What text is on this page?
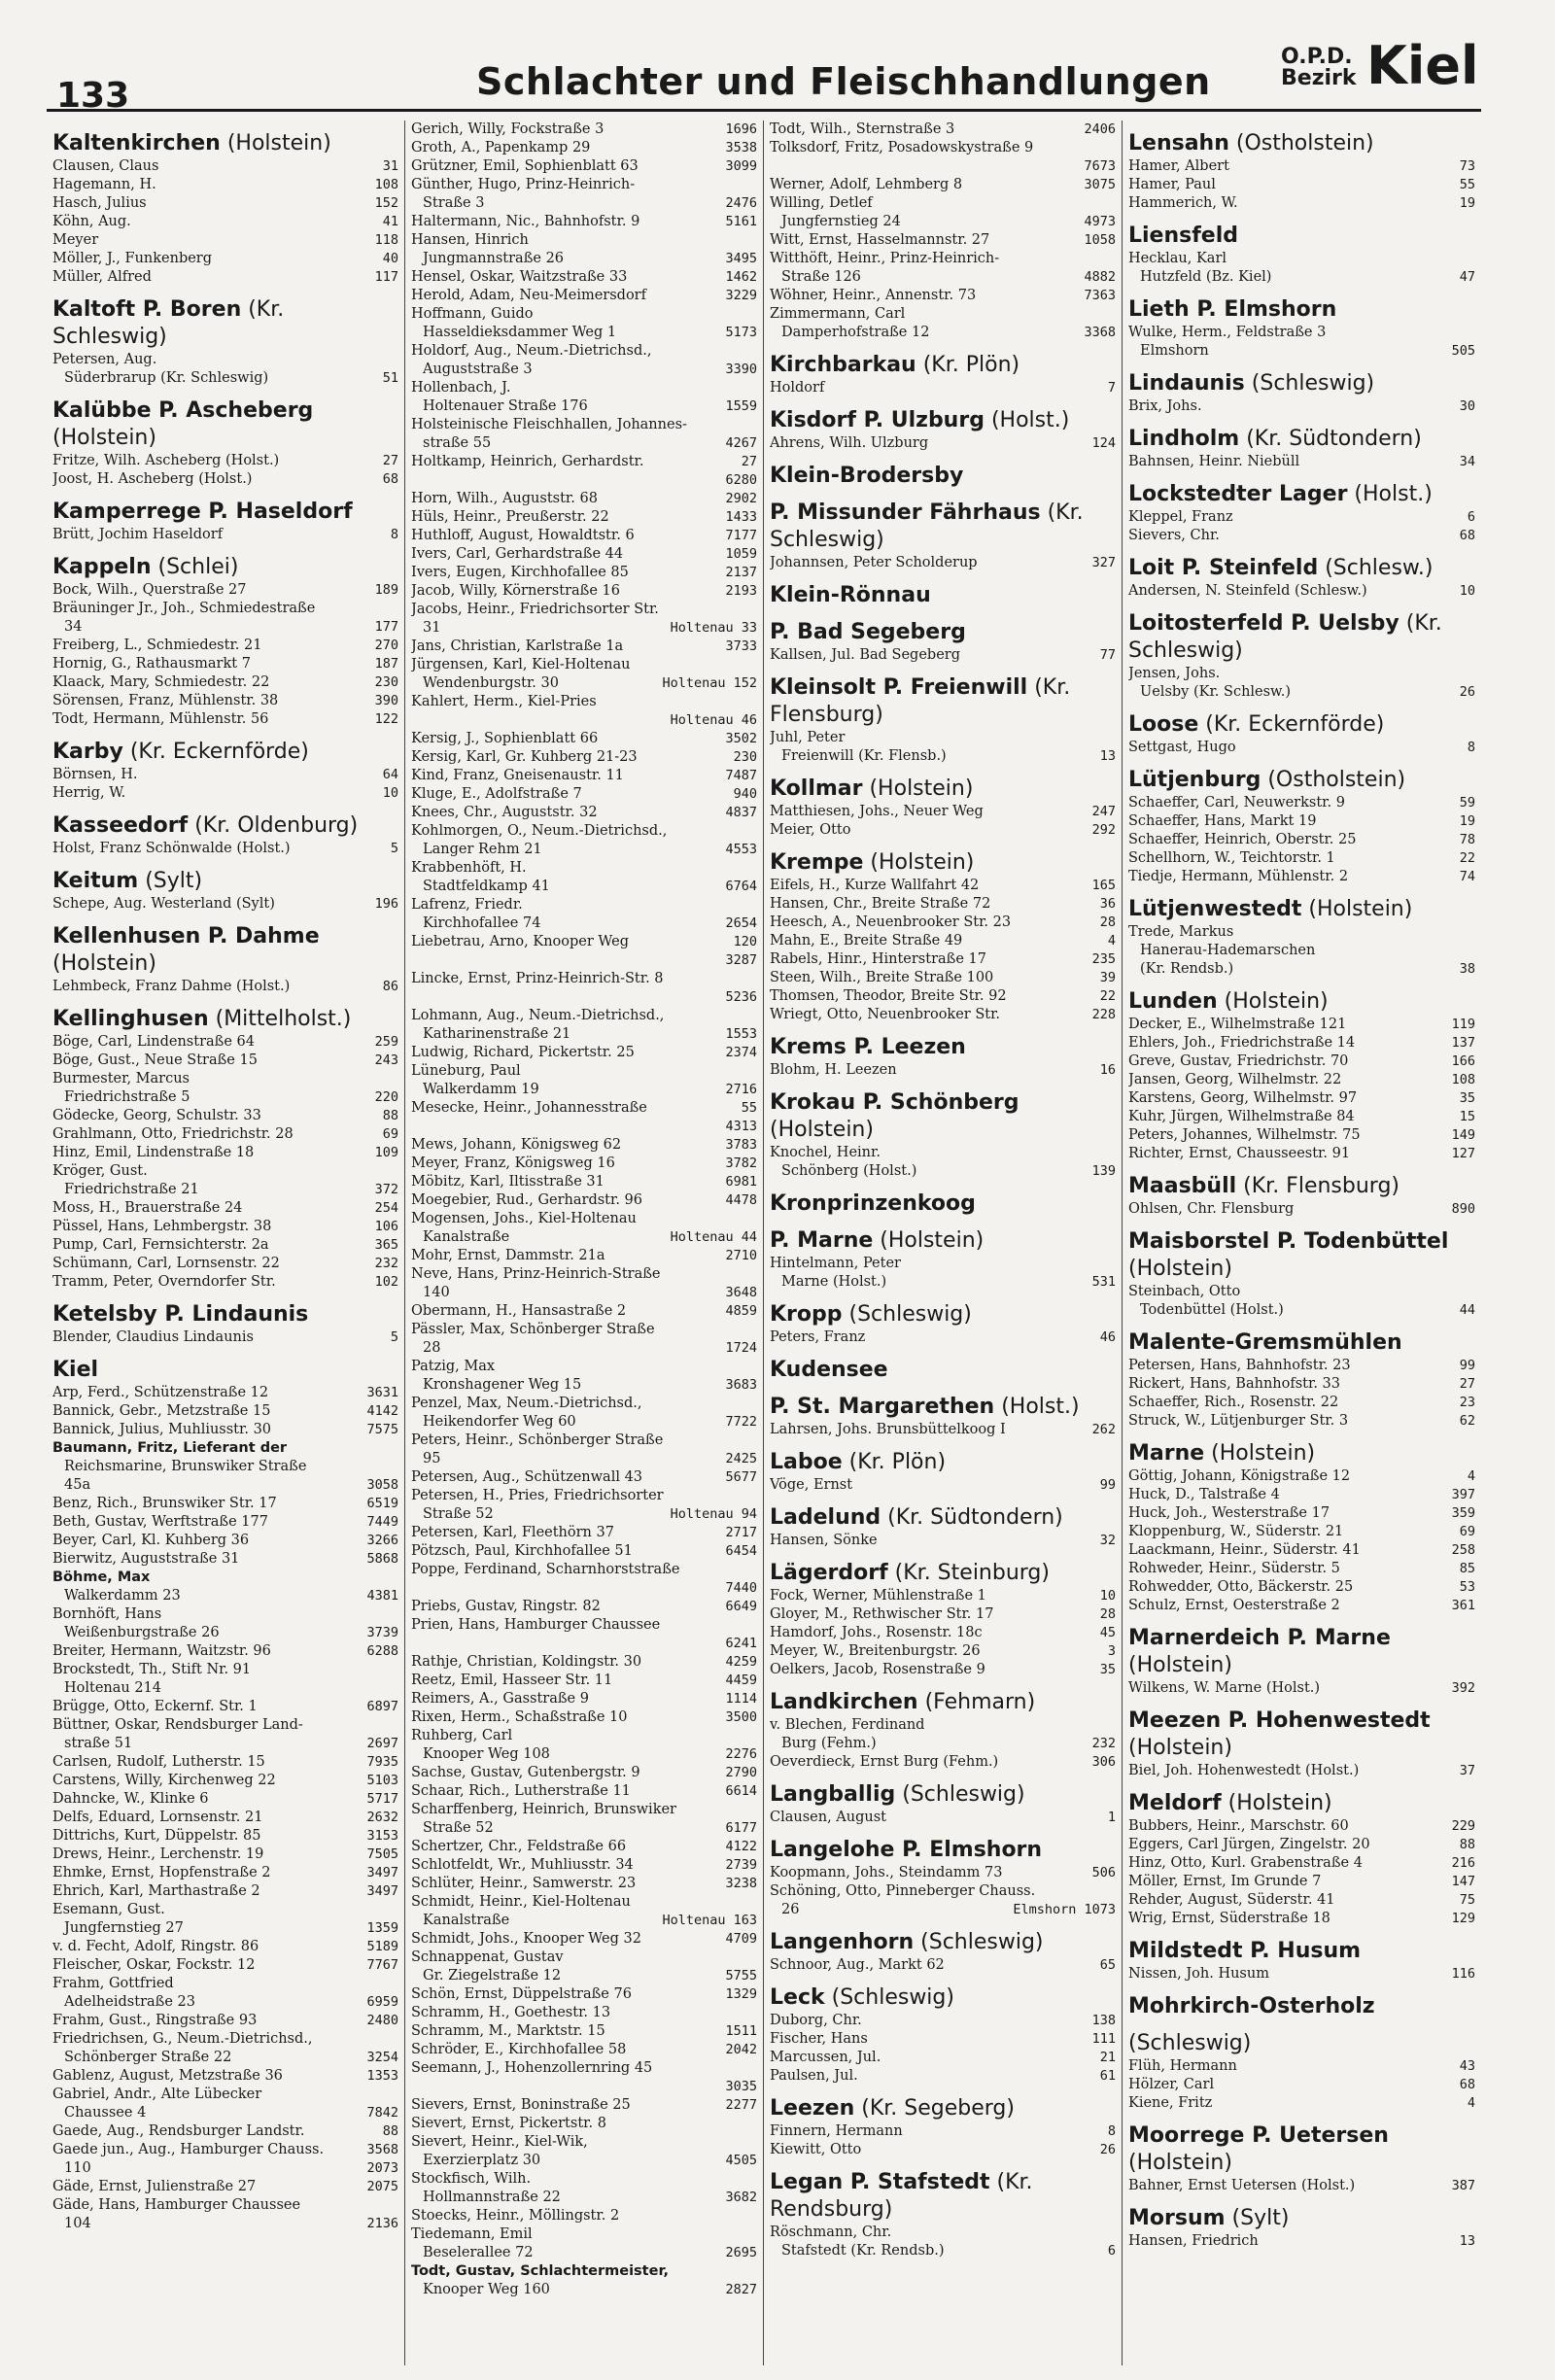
133	Schlachter und Fleischhandlungen
O.P.D.
Bezirk Kiel
Kaltenkirchen (Holstein)
Clausen, Claus	31
Hagemann, H.	108
Hasch, Julius	152
Köhn, Aug.	41
Meyer	118
Möller, J., Funkenberg	40
Müller, Alfred	117
Kaltoft P. Boren (Kr. Schleswig)
Petersen, Aug.
Süderbrarup (Kr. Schleswig)	51
Kalübbe P. Ascheberg (Holstein)
Fritze, Wilh. Ascheberg (Holst.)	27
Joost, H. Ascheberg (Holst.)	68
Kamperrege P. Haseldorf
Brütt, Jochim Haseldorf	8
Kappeln (Schlei)
Bock, Wilh., Querstraße 27	189
Bräuninger Jr., Joh., Schmiedestraße
34	177
Freiberg, L., Schmiedestr. 21	270
Hornig, G., Rathausmarkt 7	187
Klaack, Mary, Schmiedestr. 22	230
Sörensen, Franz, Mühlenstr. 38	390
Todt, Hermann, Mühlenstr. 56	122
Karby (Kr. Eckernförde)
Börnsen, H.	64
Herrig, W.	10
Kasseedorf (Kr. Oldenburg)
Holst, Franz Schönwalde (Holst.)	5
Keitum (Sylt)
Schepe, Aug. Westerland (Sylt)	196
Kellenhusen P. Dahme (Holstein)
Lehmbeck, Franz Dahme (Holst.)	86
Kellinghusen (Mittelholst.)
Böge, Carl, Lindenstraße 64	259
Böge, Gust., Neue Straße 15	243
Burmester, Marcus
Friedrichstraße 5	220
Gödecke, Georg, Schulstr. 33	88
Grahlmann, Otto, Friedrichstr. 28	69
Hinz, Emil, Lindenstraße 18	109
Kröger, Gust.
Friedrichstraße 21	372
Moss, H., Brauerstraße 24	254
Püssel, Hans, Lehmbergstr. 38	106
Pump, Carl, Fernsichterstr. 2a	365
Schümann, Carl, Lornsenstr. 22	232
Tramm, Peter, Overndorfer Str.	102
Ketelsby P. Lindaunis
Blender, Claudius Lindaunis	5
Kiel
Arp, Ferd., Schützenstraße 12	3631
Bannick, Gebr., Metzstraße 15	4142
Bannick, Julius, Muhliusstr. 30	7575
Baumann, Fritz, Lieferant der
Reichsmarine, Brunswiker Straße
45a	3058
Benz, Rich., Brunswiker Str. 17	6519
Beth, Gustav, Werftstraße 177	7449
Beyer, Carl, Kl. Kuhberg 36	3266
Bierwitz, Auguststraße 31	5868
Böhme, Max
Walkerdamm 23	4381
Bornhöft, Hans
Weißenburgstraße 26	3739
Breiter, Hermann, Waitzstr. 96	6288
Brockstedt, Th., Stift Nr. 91
Holtenau 214
Brügge, Otto, Eckernf. Str. 1	6897
Büttner, Oskar, Rendsburger Land-
straße 51	2697
Carlsen, Rudolf, Lutherstr. 15	7935
Carstens, Willy, Kirchenweg 22	5103
Dahncke, W., Klinke 6	5717
Delfs, Eduard, Lornsenstr. 21	2632
Dittrichs, Kurt, Düppelstr. 85	3153
Drews, Heinr., Lerchenstr. 19	7505
Ehmke, Ernst, Hopfenstraße 2	3497
Ehrich, Karl, Marthastraße 2	3497
Esemann, Gust.
Jungfernstieg 27	1359
v. d. Fecht, Adolf, Ringstr. 86	5189
Fleischer, Oskar, Fockstr. 12	7767
Frahm, Gottfried
Adelheidstraße 23	6959
Frahm, Gust., Ringstraße 93	2480
Friedrichsen, G., Neum.-Dietrichsd.,
Schönberger Straße 22	3254
Gablenz, August, Metzstraße 36	1353
Gabriel, Andr., Alte Lübecker
Chaussee 4	7842
Gaede, Aug., Rendsburger Landstr.	88
Gaede jun., Aug., Hamburger Chauss.	3568
110	2073
Gäde, Ernst, Julienstraße 27	2075
Gäde, Hans, Hamburger Chaussee
104	2136
Gerich, Willy, Fockstraße 3	1696
Groth, A., Papenkamp 29	3538
Grützner, Emil, Sophienblatt 63	3099
Günther, Hugo, Prinz-Heinrich-
Straße 3	2476
Haltermann, Nic., Bahnhofstr. 9	5161
Hansen, Hinrich
Jungmannstraße 26	3495
Hensel, Oskar, Waitzstraße 33	1462
Herold, Adam, Neu-Meimersdorf	3229
Hoffmann, Guido
Hasseldieksdammer Weg 1	5173
Holdorf, Aug., Neum.-Dietrichsd.,
Auguststraße 3	3390
Hollenbach, J.
Holtenauer Straße 176	1559
Holsteinische Fleischhallen, Johannes-
straße 55	4267
Holtkamp, Heinrich, Gerhardstr.	27
6280
Horn, Wilh., Auguststr. 68	2902
Hüls, Heinr., Preußerstr. 22	1433
Huthloff, August, Howaldtstr. 6	7177
Ivers, Carl, Gerhardstraße 44	1059
Ivers, Eugen, Kirchhofallee 85	2137
Jacob, Willy, Körnerstraße 16	2193
Jacobs, Heinr., Friedrichsorter Str.
31	Holtenau 33
Jans, Christian, Karlstraße 1a	3733
Jürgensen, Karl, Kiel-Holtenau
Wendenburgstr. 30	Holtenau 152
Kahlert, Herm., Kiel-Pries
Holtenau 46
Kersig, J., Sophienblatt 66	3502
Kersig, Karl, Gr. Kuhberg 21-23	230
Kind, Franz, Gneisenaustr. 11	7487
Kluge, E., Adolfstraße 7	940
Knees, Chr., Auguststr. 32	4837
Kohlmorgen, O., Neum.-Dietrichsd.,
Langer Rehm 21	4553
Krabbenhöft, H.
Stadtfeldkamp 41	6764
Lafrenz, Friedr.
Kirchhofallee 74	2654
Liebetrau, Arno, Knooper Weg	120
3287
Lincke, Ernst, Prinz-Heinrich-Str. 8
5236
Lohmann, Aug., Neum.-Dietrichsd.,
Katharinenstraße 21	1553
Ludwig, Richard, Pickertstr. 25	2374
Lüneburg, Paul
Walkerdamm 19	2716
Mesecke, Heinr., Johannesstraße	55
4313
Mews, Johann, Königsweg 62	3783
Meyer, Franz, Königsweg 16	3782
Möbitz, Karl, Iltisstraße 31	6981
Moegebier, Rud., Gerhardstr. 96	4478
Mogensen, Johs., Kiel-Holtenau
Kanalstraße	Holtenau 44
Mohr, Ernst, Dammstr. 21a	2710
Neve, Hans, Prinz-Heinrich-Straße
140	3648
Obermann, H., Hansastraße 2	4859
Pässler, Max, Schönberger Straße
28	1724
Patzig, Max
Kronshagener Weg 15	3683
Penzel, Max, Neum.-Dietrichsd.,
Heikendorfer Weg 60	7722
Peters, Heinr., Schönberger Straße
95	2425
Petersen, Aug., Schützenwall 43	5677
Petersen, H., Pries, Friedrichsorter
Straße 52	Holtenau 94
Petersen, Karl, Fleethörn 37	2717
Pötzsch, Paul, Kirchhofallee 51	6454
Poppe, Ferdinand, Scharnhorststraße
7440
Priebs, Gustav, Ringstr. 82	6649
Prien, Hans, Hamburger Chaussee
6241
Rathje, Christian, Koldingstr. 30	4259
Reetz, Emil, Hasseer Str. 11	4459
Reimers, A., Gasstraße 9	1114
Rixen, Herm., Schaßstraße 10	3500
Ruhberg, Carl
Knooper Weg 108	2276
Sachse, Gustav, Gutenbergstr. 9	2790
Schaar, Rich., Lutherstraße 11	6614
Scharffenberg, Heinrich, Brunswiker
Straße 52	6177
Schertzer, Chr., Feldstraße 66	4122
Schlotfeldt, Wr., Muhliusstr. 34	2739
Schlüter, Heinr., Samwerstr. 23	3238
Schmidt, Heinr., Kiel-Holtenau
Kanalstraße	Holtenau 163
Schmidt, Johs., Knooper Weg 32	4709
Schnappenat, Gustav
Gr. Ziegelstraße 12	5755
Schön, Ernst, Düppelstraße 76	1329
Schramm, H., Goethestr. 13
Schramm, M., Marktstr. 15	1511
Schröder, E., Kirchhofallee 58	2042
Seemann, J., Hohenzollernring 45
3035
Sievers, Ernst, Boninstraße 25	2277
Sievert, Ernst, Pickertstr. 8
Sievert, Heinr., Kiel-Wik,
Exerzierplatz 30	4505
Stockfisch, Wilh.
Hollmannstraße 22	3682
Stoecks, Heinr., Möllingstr. 2
Tiedemann, Emil
Beselerallee 72	2695
Todt, Gustav, Schlachtermeister,
Knooper Weg 160	2827
Todt, Wilh., Sternstraße 3	2406
Tolksdorf, Fritz, Posadowskystraße 9
7673
Werner, Adolf, Lehmberg 8	3075
Willing, Detlef
Jungfernstieg 24	4973
Witt, Ernst, Hasselmannstr. 27	1058
Witthöft, Heinr., Prinz-Heinrich-
Straße 126	4882
Wöhner, Heinr., Annenstr. 73	7363
Zimmermann, Carl
Damperhofstraße 12	3368
Kirchbarkau (Kr. Plön)
Holdorf	7
Kisdorf P. Ulzburg (Holst.)
Ahrens, Wilh. Ulzburg	124
Klein-Brodersby
P. Missunder Fährhaus (Kr. Schleswig)
Johannsen, Peter Scholderup	327
Klein-Rönnau
P. Bad Segeberg
Kallsen, Jul. Bad Segeberg	77
Kleinsolt P. Freienwill (Kr. Flensburg)
Juhl, Peter
Freienwill (Kr. Flensb.)	13
Kollmar (Holstein)
Matthiesen, Johs., Neuer Weg	247
Meier, Otto	292
Krempe (Holstein)
Eifels, H., Kurze Wallfahrt 42	165
Hansen, Chr., Breite Straße 72	36
Heesch, A., Neuenbrooker Str. 23	28
Mahn, E., Breite Straße 49	4
Rabels, Hinr., Hinterstraße 17	235
Steen, Wilh., Breite Straße 100	39
Thomsen, Theodor, Breite Str. 92	22
Wriegt, Otto, Neuenbrooker Str.	228
Krems P. Leezen
Blohm, H. Leezen	16
Krokau P. Schönberg (Holstein)
Knochel, Heinr.
Schönberg (Holst.)	139
Kronprinzenkoog
P. Marne (Holstein)
Hintelmann, Peter
Marne (Holst.)	531
Kropp (Schleswig)
Peters, Franz	46
Kudensee
P. St. Margarethen (Holst.)
Lahrsen, Johs. Brunsbüttelkoog I	262
Laboe (Kr. Plön)
Vöge, Ernst	99
Ladelund (Kr. Südtondern)
Hansen, Sönke	32
Lägerdorf (Kr. Steinburg)
Fock, Werner, Mühlenstraße 1	10
Gloyer, M., Rethwischer Str. 17	28
Hamdorf, Johs., Rosenstr. 18c	45
Meyer, W., Breitenburgstr. 26	3
Oelkers, Jacob, Rosenstraße 9	35
Landkirchen (Fehmarn)
v. Blechen, Ferdinand
Burg (Fehm.)	232
Oeverdieck, Ernst Burg (Fehm.)	306
Langballig (Schleswig)
Clausen, August	1
Langelohe P. Elmshorn
Koopmann, Johs., Steindamm 73	506
Schöning, Otto, Pinneberger Chauss.
26	Elmshorn 1073
Langenhorn (Schleswig)
Schnoor, Aug., Markt 62	65
Leck (Schleswig)
Duborg, Chr.	138
Fischer, Hans	111
Marcussen, Jul.	21
Paulsen, Jul.	61
Leezen (Kr. Segeberg)
Finnern, Hermann	8
Kiewitt, Otto	26
Legan P. Stafstedt (Kr. Rendsburg)
Röschmann, Chr.
Stafstedt (Kr. Rendsb.)	6
Lensahn (Ostholstein)
Hamer, Albert	73
Hamer, Paul	55
Hammerich, W.	19
Liensfeld
Hecklau, Karl
Hutzfeld (Bz. Kiel)	47
Lieth P. Elmshorn
Wulke, Herm., Feldstraße 3
Elmshorn	505
Lindaunis (Schleswig)
Brix, Johs.	30
Lindholm (Kr. Südtondern)
Bahnsen, Heinr. Niebüll	34
Lockstedter Lager (Holst.)
Kleppel, Franz	6
Sievers, Chr.	68
Loit P. Steinfeld (Schlesw.)
Andersen, N. Steinfeld (Schlesw.)	10
Loitosterfeld P. Uelsby (Kr. Schleswig)
Jensen, Johs.
Uelsby (Kr. Schlesw.)	26
Loose (Kr. Eckernförde)
Settgast, Hugo	8
Lütjenburg (Ostholstein)
Schaeffer, Carl, Neuwerkstr. 9	59
Schaeffer, Hans, Markt 19	19
Schaeffer, Heinrich, Oberstr. 25	78
Schellhorn, W., Teichtorstr. 1	22
Tiedje, Hermann, Mühlenstr. 2	74
Lütjenwestedt (Holstein)
Trede, Markus
Hanerau-Hademarschen
(Kr. Rendsb.)	38
Lunden (Holstein)
Decker, E., Wilhelmstraße 121	119
Ehlers, Joh., Friedrichstraße 14	137
Greve, Gustav, Friedrichstr. 70	166
Jansen, Georg, Wilhelmstr. 22	108
Karstens, Georg, Wilhelmstr. 97	35
Kuhr, Jürgen, Wilhelmstraße 84	15
Peters, Johannes, Wilhelmstr. 75	149
Richter, Ernst, Chausseestr. 91	127
Maasbüll (Kr. Flensburg)
Ohlsen, Chr. Flensburg	890
Maisborstel P. Todenbüttel (Holstein)
Steinbach, Otto
Todenbüttel (Holst.)	44
Malente-Gremsmühlen
Petersen, Hans, Bahnhofstr. 23	99
Rickert, Hans, Bahnhofstr. 33	27
Schaeffer, Rich., Rosenstr. 22	23
Struck, W., Lütjenburger Str. 3	62
Marne (Holstein)
Göttig, Johann, Königstraße 12	4
Huck, D., Talstraße 4	397
Huck, Joh., Westerstraße 17	359
Kloppenburg, W., Süderstr. 21	69
Laackmann, Heinr., Süderstr. 41	258
Rohweder, Heinr., Süderstr. 5	85
Rohwedder, Otto, Bäckerstr. 25	53
Schulz, Ernst, Oesterstraße 2	361
Marnerdeich P. Marne (Holstein)
Wilkens, W. Marne (Holst.)	392
Meezen P. Hohenwestedt (Holstein)
Biel, Joh. Hohenwestedt (Holst.)	37
Meldorf (Holstein)
Bubbers, Heinr., Marschstr. 60	229
Eggers, Carl Jürgen, Zingelstr. 20	88
Hinz, Otto, Kurl. Grabenstraße 4	216
Möller, Ernst, Im Grunde 7	147
Rehder, August, Süderstr. 41	75
Wrig, Ernst, Süderstraße 18	129
Mildstedt P. Husum
Nissen, Joh. Husum	116
Mohrkirch-Osterholz
(Schleswig)
Flüh, Hermann	43
Hölzer, Carl	68
Kiene, Fritz	4
Moorrege P. Uetersen (Holstein)
Bahner, Ernst Uetersen (Holst.)	387
Morsum (Sylt)
Hansen, Friedrich	13
